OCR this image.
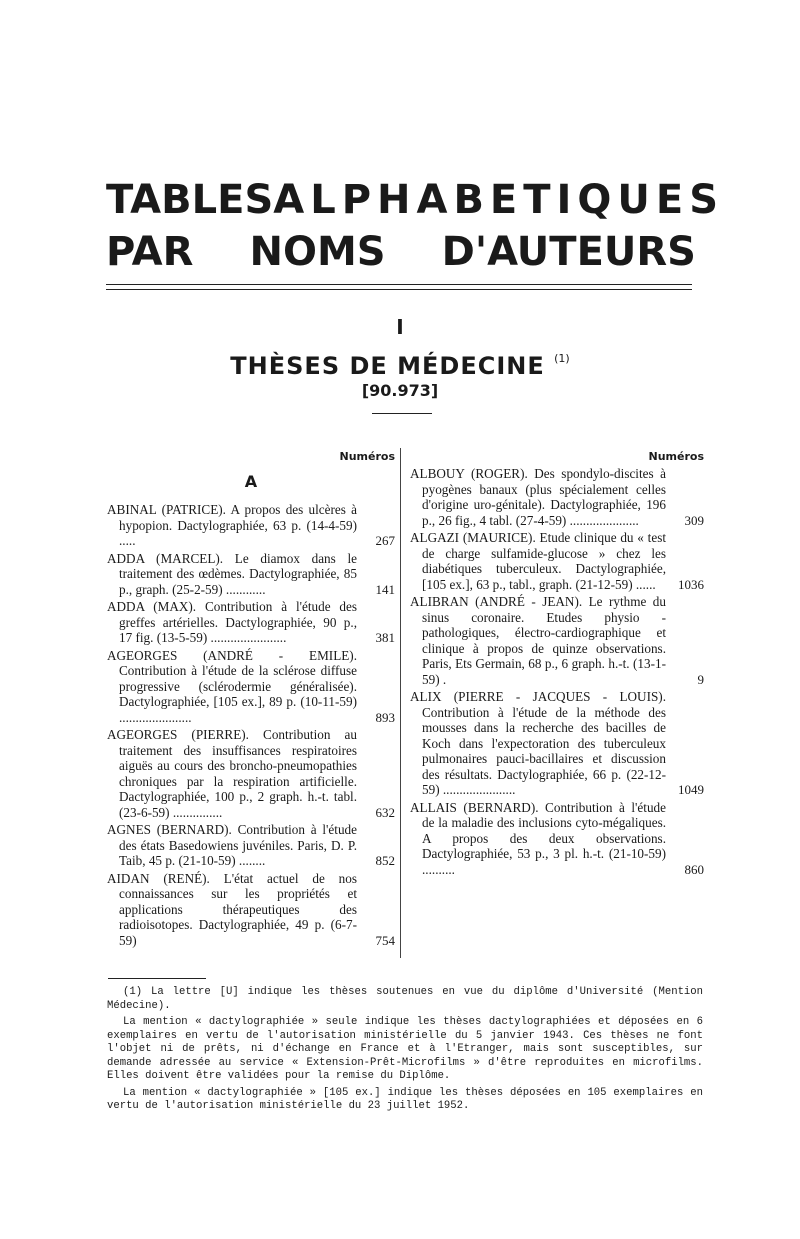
TABLES ALPHABETIQUES
PAR NOMS D'AUTEURS
I
THÈSES DE MÉDECINE $^{(1)}$
[90.973]
Numéros
A
ABINAL (PATRICE). A propos des ulcères à hypopion. Dactylographiée, 63 p. (14-4-59) .....	267
ADDA (MARCEL). Le diamox dans le traitement des œdèmes. Dactylographiée, 85 p., graph. (25-2-59) ............	141
ADDA (MAX). Contribution à l'étude des greffes artérielles. Dactylographiée, 90 p., 17 fig. (13-5-59) .......................	381
AGEORGES (ANDRÉ - EMILE). Contribution à l'étude de la sclérose diffuse progressive (sclérodermie généralisée). Dactylographiée, [105 ex.], 89 p. (10-11-59) ......................	893
AGEORGES (PIERRE). Contribution au traitement des insuffisances respiratoires aiguës au cours des broncho-pneumopathies chroniques par la respiration artificielle. Dactylographiée, 100 p., 2 graph. h.-t. tabl. (23-6-59) ...............	632
AGNES (BERNARD). Contribution à l'étude des états Basedowiens juvéniles. Paris, D. P. Taib, 45 p. (21-10-59) ........	852
AIDAN (RENÉ). L'état actuel de nos connaissances sur les propriétés et applications thérapeutiques des radioisotopes. Dactylographiée, 49 p. (6-7-59)	754
Numéros
ALBOUY (ROGER). Des spondylo-discites à pyogènes banaux (plus spécialement celles d'origine uro-génitale). Dactylographiée, 196 p., 26 fig., 4 tabl. (27-4-59) .....................	309
ALGAZI (MAURICE). Etude clinique du « test de charge sulfamide-glucose » chez les diabétiques tuberculeux. Dactylographiée, [105 ex.], 63 p., tabl., graph. (21-12-59) ......	1036
ALIBRAN (ANDRÉ - JEAN). Le rythme du sinus coronaire. Etudes physio - pathologiques, électro-cardiographique et clinique à propos de quinze observations. Paris, Ets Germain, 68 p., 6 graph. h.-t. (13-1-59) .	9
ALIX (PIERRE - JACQUES - LOUIS). Contribution à l'étude de la méthode des mousses dans la recherche des bacilles de Koch dans l'expectoration des tuberculeux pulmonaires pauci-bacillaires et discussion des résultats. Dactylographiée, 66 p. (22-12-59) ......................	1049
ALLAIS (BERNARD). Contribution à l'étude de la maladie des inclusions cyto-mégaliques. A propos des deux observations. Dactylographiée, 53 p., 3 pl. h.-t. (21-10-59) ..........	860

(1) La lettre [U] indique les thèses soutenues en vue du diplôme d'Université (Mention Médecine).

La mention « dactylographiée » seule indique les thèses dactylographiées et déposées en 6 exemplaires en vertu de l'autorisation ministérielle du 5 janvier 1943. Ces thèses ne font l'objet ni de prêts, ni d'échange en France et à l'Etranger, mais sont susceptibles, sur demande adressée au service « Extension-Prêt-Microfilms » d'être reproduites en microfilms. Elles doivent être validées pour la remise du Diplôme.

La mention « dactylographiée » [105 ex.] indique les thèses déposées en 105 exemplaires en vertu de l'autorisation ministérielle du 23 juillet 1952.
